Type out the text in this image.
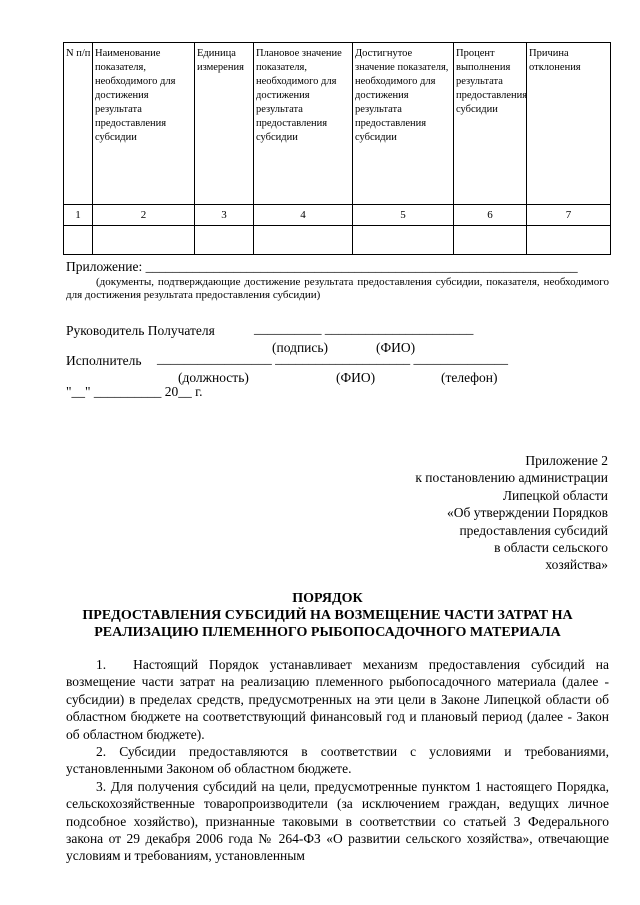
N п/п	Наименование показателя, необходимого для достижения результата предоставления субсидии	Единица измерения	Плановое значение показателя, необходимого для достижения результата предоставления субсидии	Достигнутое значение показателя, необходимого для достижения результата предоставления субсидии	Процент выполнения результата предоставления субсидии	Причина отклонения
1	2	3	4	5	6	7

Приложение: ________________________________________________________________
(документы, подтверждающие достижение результата предоставления субсидии, показателя, необходимого для достижения результата предоставления субсидии)
Руководитель Получателя	__________ ______________________
(подпись)	(ФИО)
Исполнитель _________________ ____________________ ______________
(должность)	(ФИО)	(телефон)
"__" __________ 20__ г.
Приложение 2
к постановлению администрации
Липецкой области
«Об утверждении Порядков
предоставления субсидий
в области сельского
хозяйства»
ПОРЯДОК
ПРЕДОСТАВЛЕНИЯ СУБСИДИЙ НА ВОЗМЕЩЕНИЕ ЧАСТИ ЗАТРАТ НА
РЕАЛИЗАЦИЮ ПЛЕМЕННОГО РЫБОПОСАДОЧНОГО МАТЕРИАЛА

1.  Настоящий Порядок устанавливает механизм предоставления субсидий на возмещение части затрат на реализацию племенного рыбопосадочного материала (далее - субсидии) в пределах средств, предусмотренных на эти цели в Законе Липецкой области об областном бюджете на соответствующий финансовый год и плановый период (далее - Закон об областном бюджете).

2. Субсидии предоставляются в соответствии с условиями и требованиями, установленными Законом об областном бюджете.

3. Для получения субсидий на цели, предусмотренные пунктом 1 настоящего Порядка, сельскохозяйственные товаропроизводители (за исключением граждан, ведущих личное подсобное хозяйство), признанные таковыми в соответствии со статьей 3 Федерального закона от 29 декабря 2006 года № 264-ФЗ «О развитии сельского хозяйства», отвечающие условиям и требованиям, установленным
